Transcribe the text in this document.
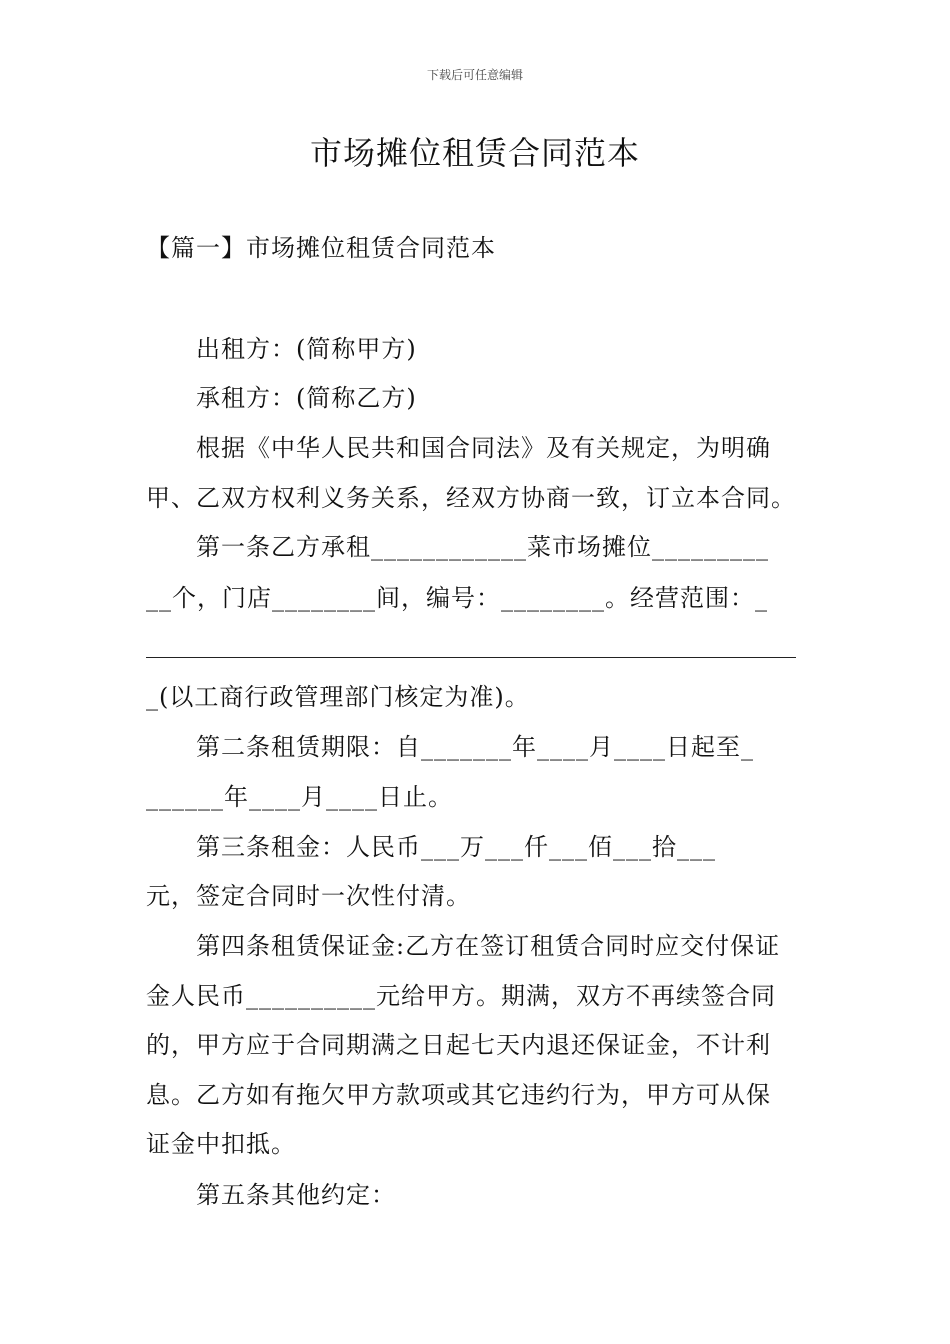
下载后可任意编辑
市场摊位租赁合同范本
【篇一】市场摊位租赁合同范本
出租方：(简称甲方)
承租方：(简称乙方)
根据《中华人民共和国合同法》及有关规定，为明确
甲、乙双方权利义务关系，经双方协商一致，订立本合同。
第一条乙方承租____________菜市场摊位_________
__个，门店________间，编号：________。经营范围：_
_(以工商行政管理部门核定为准)。
第二条租赁期限：自_______年____月____日起至_
______年____月____日止。
第三条租金：人民币___万___仟___佰___拾___
元，签定合同时一次性付清。
第四条租赁保证金:乙方在签订租赁合同时应交付保证
金人民币__________元给甲方。期满，双方不再续签合同
的，甲方应于合同期满之日起七天内退还保证金，不计利
息。乙方如有拖欠甲方款项或其它违约行为，甲方可从保
证金中扣抵。
第五条其他约定：
